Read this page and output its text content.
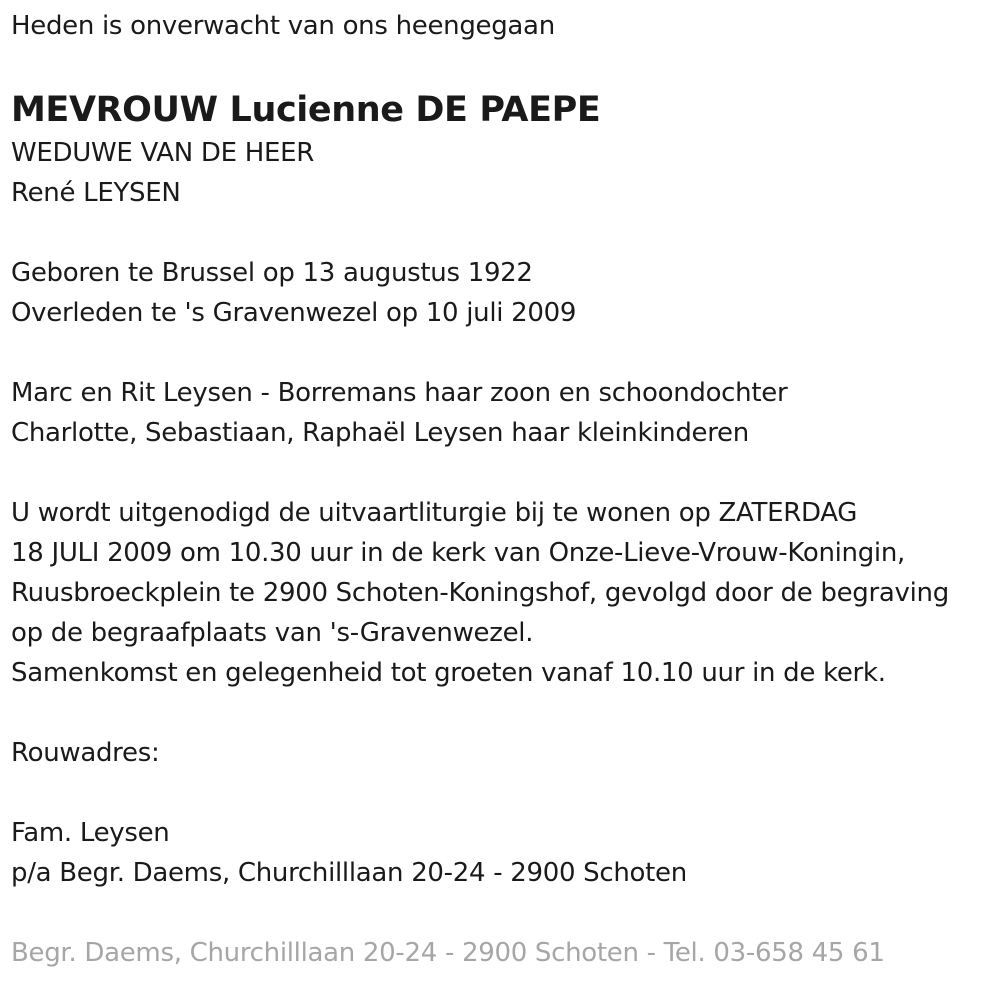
Heden is onverwacht van ons heengegaan
MEVROUW Lucienne DE PAEPE
WEDUWE VAN DE HEER
René LEYSEN
Geboren te Brussel op 13 augustus 1922
Overleden te 's Gravenwezel op 10 juli 2009
Marc en Rit Leysen - Borremans haar zoon en schoondochter
Charlotte, Sebastiaan, Raphaël Leysen haar kleinkinderen
U wordt uitgenodigd de uitvaartliturgie bij te wonen op ZATERDAG
18 JULI 2009 om 10.30 uur in de kerk van Onze-Lieve-Vrouw-Koningin,
Ruusbroeckplein te 2900 Schoten-Koningshof, gevolgd door de begraving
op de begraafplaats van 's-Gravenwezel.
Samenkomst en gelegenheid tot groeten vanaf 10.10 uur in de kerk.
Rouwadres:
Fam. Leysen
p/a Begr. Daems, Churchilllaan 20-24 - 2900 Schoten
Begr. Daems, Churchilllaan 20-24 - 2900 Schoten - Tel. 03-658 45 61
